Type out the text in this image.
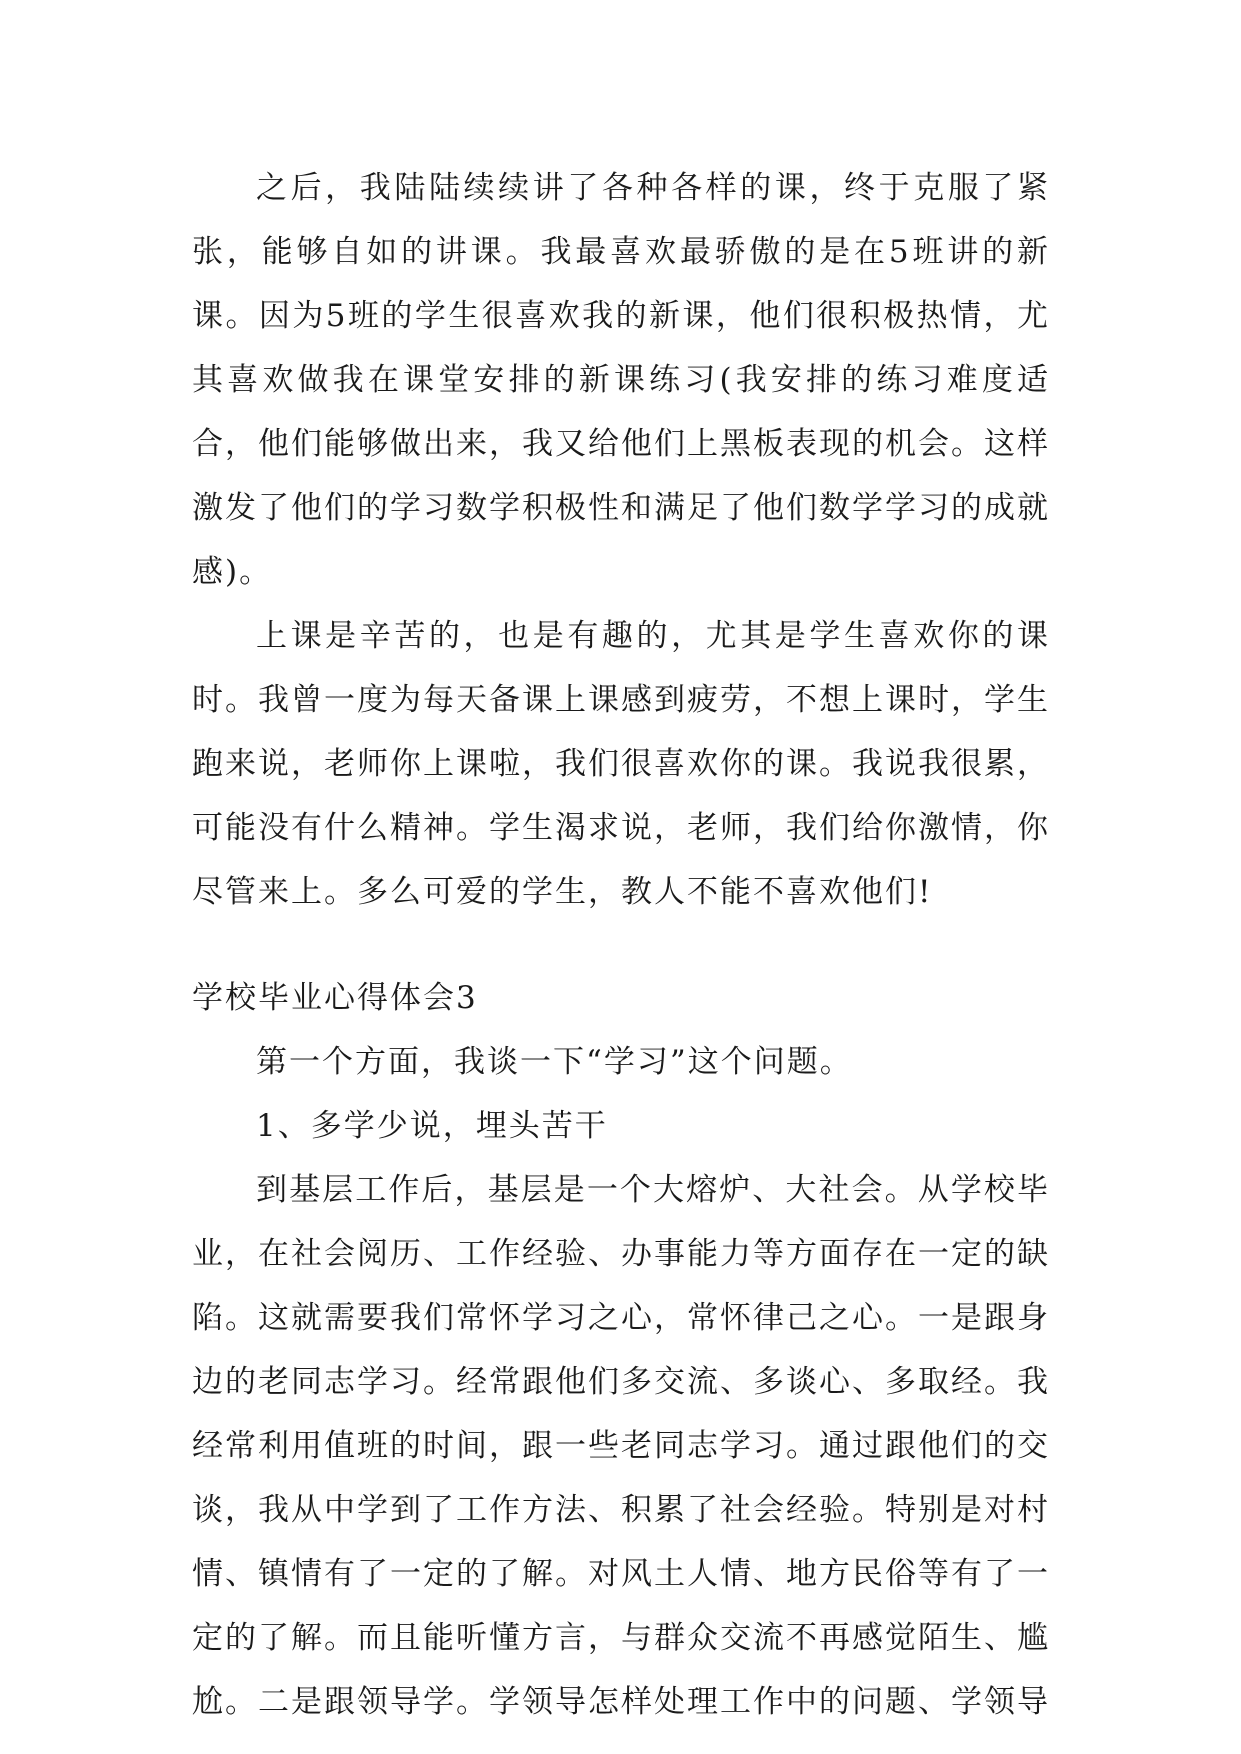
之后，我陆陆续续讲了各种各样的课，终于克服了紧张，能够自如的讲课。我最喜欢最骄傲的是在5班讲的新课。因为5班的学生很喜欢我的新课，他们很积极热情，尤其喜欢做我在课堂安排的新课练习(我安排的练习难度适合，他们能够做出来，我又给他们上黑板表现的机会。这样激发了他们的学习数学积极性和满足了他们数学学习的成就感)。

上课是辛苦的，也是有趣的，尤其是学生喜欢你的课时。我曾一度为每天备课上课感到疲劳，不想上课时，学生跑来说，老师你上课啦，我们很喜欢你的课。我说我很累，可能没有什么精神。学生渴求说，老师，我们给你激情，你尽管来上。多么可爱的学生，教人不能不喜欢他们!

学校毕业心得体会3

第一个方面，我谈一下“学习”这个问题。

1、多学少说，埋头苦干

到基层工作后，基层是一个大熔炉、大社会。从学校毕业，在社会阅历、工作经验、办事能力等方面存在一定的缺陷。这就需要我们常怀学习之心，常怀律己之心。一是跟身边的老同志学习。经常跟他们多交流、多谈心、多取经。我经常利用值班的时间，跟一些老同志学习。通过跟他们的交谈，我从中学到了工作方法、积累了社会经验。特别是对村情、镇情有了一定的了解。对风土人情、地方民俗等有了一定的了解。而且能听懂方言，与群众交流不再感觉陌生、尴尬。二是跟领导学。学领导怎样处理工作中的问题、学领导
